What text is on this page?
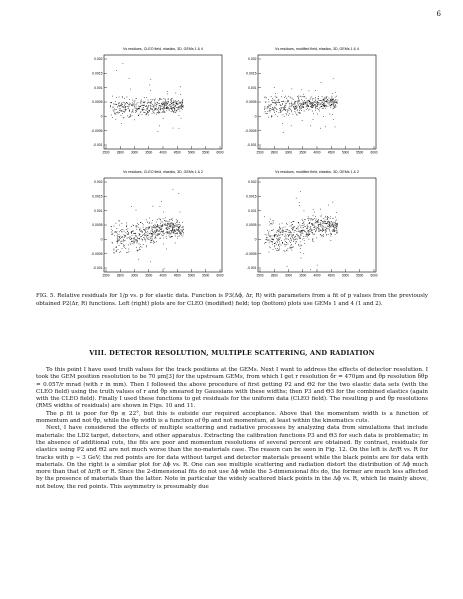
6
Vs residues, CLEO field, elastics, 3D, GEMs 1 & 4
0.002
0.0015
0.001
0.0005
0
-0.0005
-0.001
2500 2800 3000 3500 4000 4500 5000 5500 6000
Vs residues, modified field, elastics, 3D, GEMs 1 & 4
0.002
0.0015
0.001
0.0005
0
-0.0005
-0.001
2500 2800 3000 3500 4000 4500 5000 5500 6000
Vs residues, CLEO field, elastics, 3D, GEMs 1 & 2
0.002
0.0015
0.001
0.0005
0
-0.0005
-0.001
2500 2800 3000 3500 4000 4500 5000 5500 6000
Vs residues, modified field, elastics, 3D, GEMs 1 & 2
0.002
0.0015
0.001
0.0005
0
-0.0005
-0.001
2500 2800 3000 3500 4000 4500 5000 5500 6000
FIG. 5. Relative residuals for 1/p vs. p for elastic data. Function is P3(Δϕ, Δr, R) with parameters from a fit of p values from the previously obtained P2(Δr, R) functions. Left (right) plots are for CLEO (modified) field; top (bottom) plots use GEMs 1 and 4 (1 and 2).
VIII. DETECTOR RESOLUTION, MULTIPLE SCATTERING, AND RADIATION

To this point I have used truth values for the track positions at the GEMs. Next I want to address the effects of detector resolution. I took the GEM position resolution to be 70 μm[3] for the upstream GEMs, from which I get r resolution δr = 470μm and θp resolution δθp = 0.057/r mrad (with r in mm). Then I followed the above procedure of first getting P2 and Θ2 for the two elastic data sets (with the CLEO field) using the truth values of r and θp smeared by Gaussians with these widths; then P3 and Θ3 for the combined elastics (again with the CLEO field). Finally I used these functions to get residuals for the uniform data (CLEO field). The resulting p and θp resolutions (RMS widths of residuals) are shown in Figs. 10 and 11.

The p fit is poor for θp ≲ 22°, but this is outside our required acceptance. Above that the momentum width is a function of momentum and not θp, while the θp width is a function of θp and not momentum, at least within the kinematics cuts.

Next, I have considered the effects of multiple scattering and radiative processes by analyzing data from simulations that include materials: the LD2 target, detectors, and other apparatus. Extracting the calibration functions P3 and Θ3 for such data is problematic; in the absence of additional cuts, the fits are poor and momentum resolutions of several percent are obtained. By contrast, residuals for elastics using P2 and Θ2 are not much worse than the no-materials case. The reason can be seen in Fig. 12. On the left is Δr/R vs. R for tracks with p ∼ 3 GeV; the red points are for data without target and detector materials present while the black points are for data with materials. On the right is a similar plot for Δϕ vs. R. One can see multiple scattering and radiation distort the distribution of Δϕ much more than that of Δr/R or R. Since the 2-dimensional fits do not use Δϕ while the 3-dimensional fits do, the former are much less affected by the presence of materials than the latter. Note in particular the widely scattered black points in the Δϕ vs. R, which lie mainly above, not below, the red points. This asymmetry is presumably due
